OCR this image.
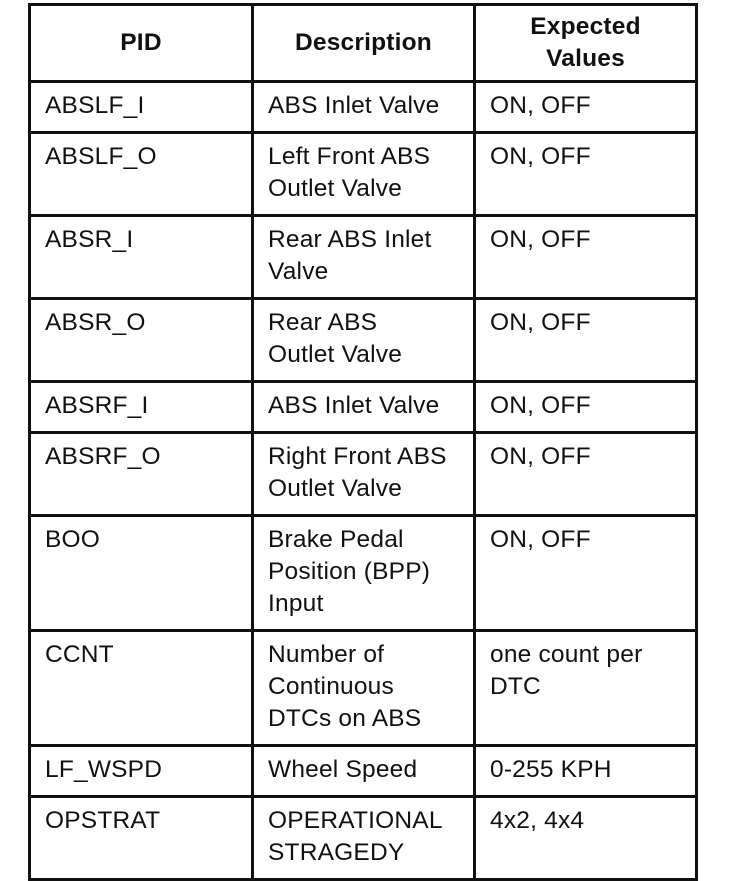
PID	Description	Expected
Values
ABSLF_I	ABS Inlet Valve	ON, OFF

ABSLF_O	Left Front ABS
Outlet Valve	ON, OFF

ABSR_I	Rear ABS Inlet
Valve	ON, OFF

ABSR_O	Rear ABS
Outlet Valve	ON, OFF

ABSRF_I	ABS Inlet Valve	ON, OFF

ABSRF_O	Right Front ABS
Outlet Valve	ON, OFF

BOO	Brake Pedal
Position (BPP)
Input	ON, OFF

CCNT	Number of
Continuous
DTCs on ABS	one count per
DTC

LF_WSPD	Wheel Speed	0-255 KPH

OPSTRAT	OPERATIONAL
STRAGEDY	4x2, 4x4
